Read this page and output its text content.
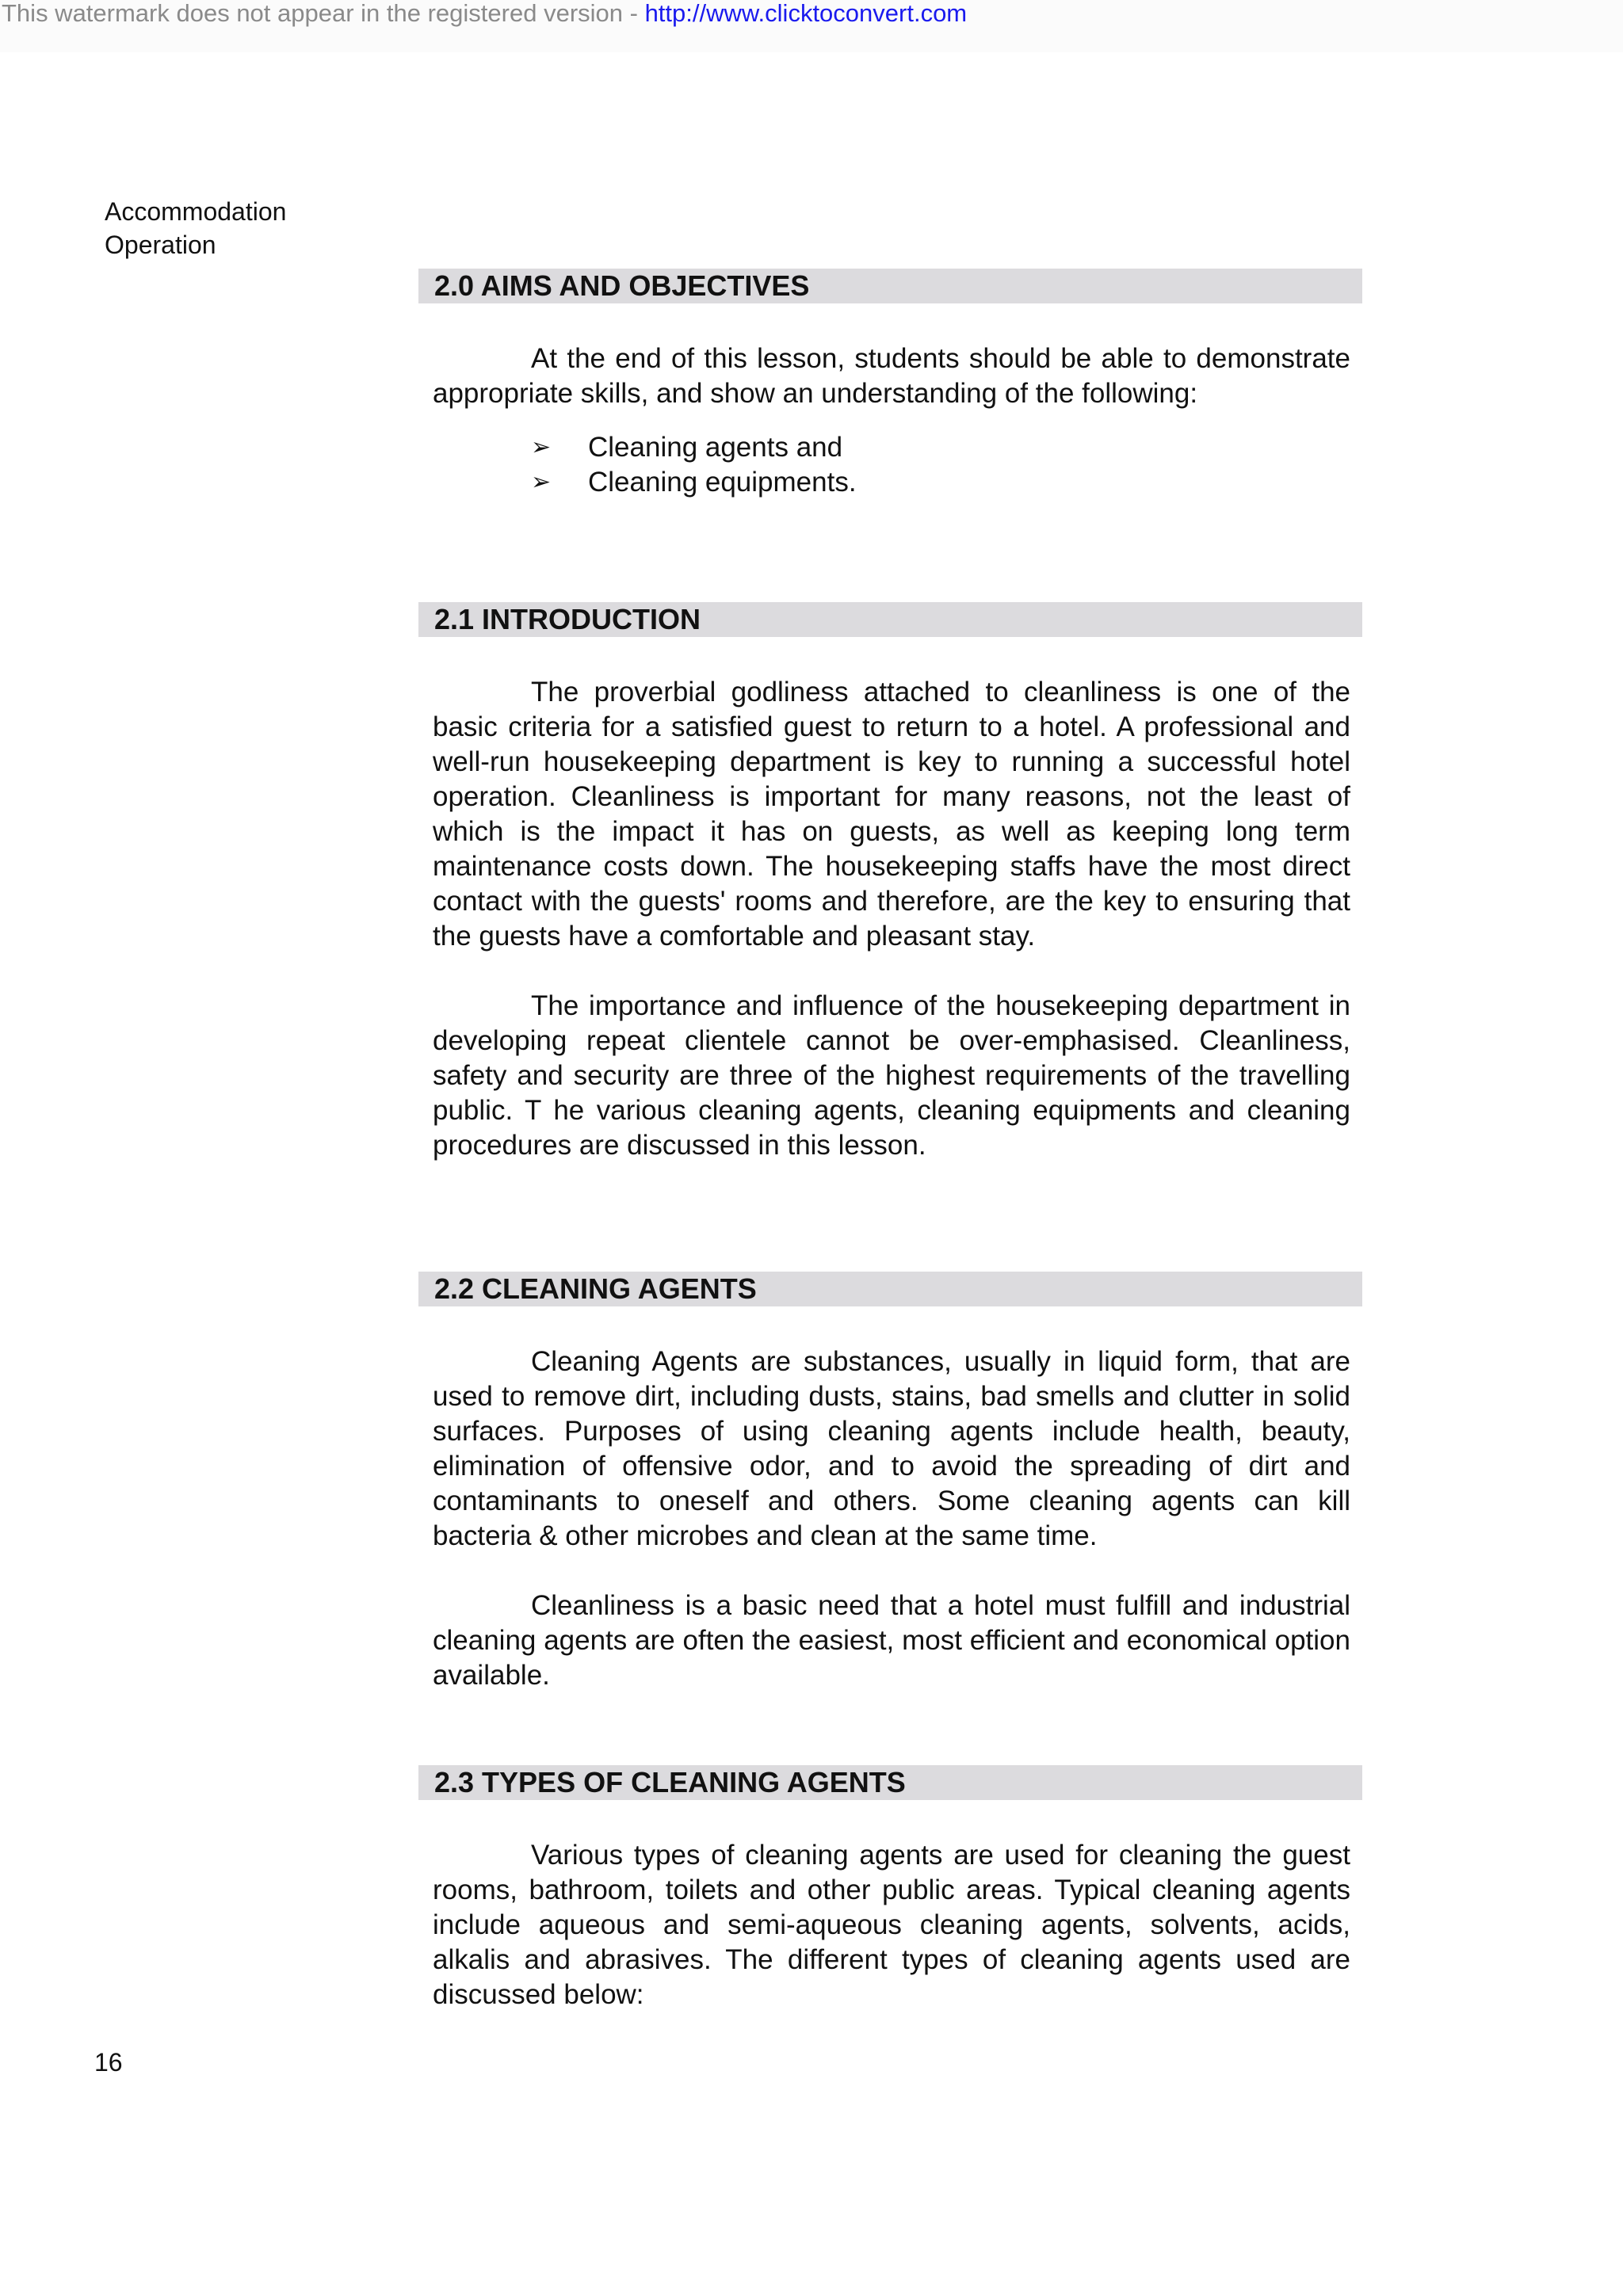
This watermark does not appear in the registered version - http://www.clicktoconvert.com
Accommodation
Operation
2.0 AIMS AND OBJECTIVES

At the end of this lesson, students should be able to demonstrate appropriate skills, and show an understanding of the following:

➢ Cleaning agents and
➢ Cleaning equipments.
2.1 INTRODUCTION

The proverbial godliness attached to cleanliness is one of the basic criteria for a satisfied guest to return to a hotel. A professional and well-run housekeeping department is key to running a successful hotel operation. Cleanliness is important for many reasons, not the least of which is the impact it has on guests, as well as keeping long term maintenance costs down. The housekeeping staffs have the most direct contact with the guests' rooms and therefore, are the key to ensuring that the guests have a comfortable and pleasant stay.

The importance and influence of the housekeeping department in developing repeat clientele cannot be over-emphasised. Cleanliness, safety and security are three of the highest requirements of the travelling public. T he various cleaning agents, cleaning equipments and cleaning procedures are discussed in this lesson.

2.2 CLEANING AGENTS

Cleaning Agents are substances, usually in liquid form, that are used to remove dirt, including dusts, stains, bad smells and clutter in solid surfaces. Purposes of using cleaning agents include health, beauty, elimination of offensive odor, and to avoid the spreading of dirt and contaminants to oneself and others. Some cleaning agents can kill bacteria & other microbes and clean at the same time.

Cleanliness is a basic need that a hotel must fulfill and industrial cleaning agents are often the easiest, most efficient and economical option available.

2.3 TYPES OF CLEANING AGENTS

Various types of cleaning agents are used for cleaning the guest rooms, bathroom, toilets and other public areas. Typical cleaning agents include aqueous and semi-aqueous cleaning agents, solvents, acids, alkalis and abrasives. The different types of cleaning agents used are discussed below:

16
